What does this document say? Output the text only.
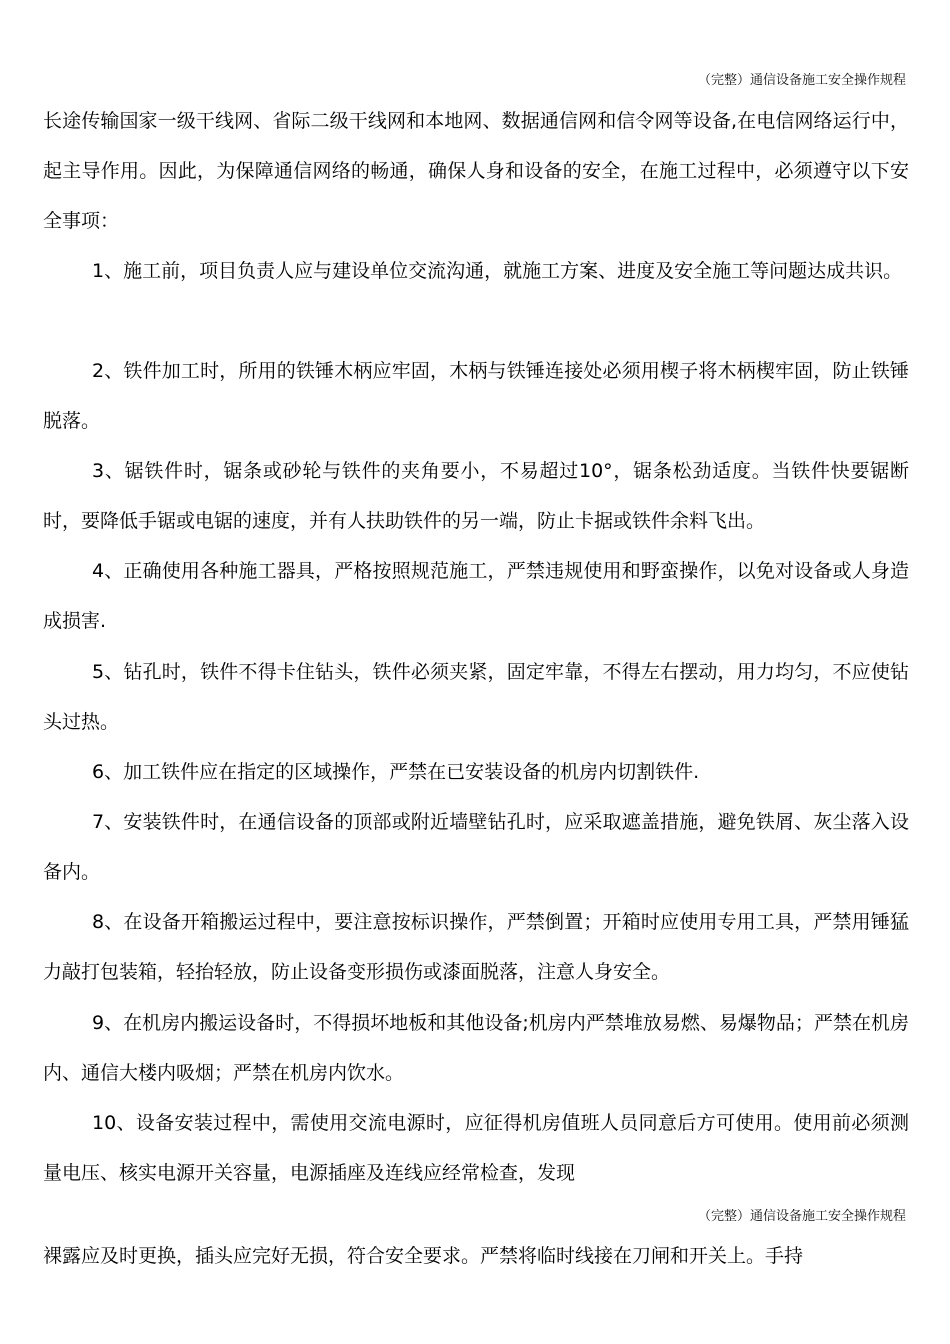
（完整）通信设备施工安全操作规程

长途传输国家一级干线网、省际二级干线网和本地网、数据通信网和信令网等设备,在电信网络运行中，起主导作用。因此，为保障通信网络的畅通，确保人身和设备的安全，在施工过程中，必须遵守以下安全事项：

1、施工前，项目负责人应与建设单位交流沟通，就施工方案、进度及安全施工等问题达成共识。

2、铁件加工时，所用的铁锤木柄应牢固，木柄与铁锤连接处必须用楔子将木柄楔牢固，防止铁锤脱落。

3、锯铁件时，锯条或砂轮与铁件的夹角要小，不易超过10°，锯条松劲适度。当铁件快要锯断时，要降低手锯或电锯的速度，并有人扶助铁件的另一端，防止卡据或铁件余料飞出。

4、正确使用各种施工器具，严格按照规范施工，严禁违规使用和野蛮操作，以免对设备或人身造成损害.

5、钻孔时，铁件不得卡住钻头，铁件必须夹紧，固定牢靠，不得左右摆动，用力均匀，不应使钻头过热。

6、加工铁件应在指定的区域操作，严禁在已安装设备的机房内切割铁件.

7、安装铁件时，在通信设备的顶部或附近墙壁钻孔时，应采取遮盖措施，避免铁屑、灰尘落入设备内。

8、在设备开箱搬运过程中，要注意按标识操作，严禁倒置；开箱时应使用专用工具，严禁用锤猛力敲打包装箱，轻抬轻放，防止设备变形损伤或漆面脱落，注意人身安全。

9、在机房内搬运设备时，不得损坏地板和其他设备;机房内严禁堆放易燃、易爆物品；严禁在机房内、通信大楼内吸烟；严禁在机房内饮水。

10、设备安装过程中，需使用交流电源时，应征得机房值班人员同意后方可使用。使用前必须测量电压、核实电源开关容量，电源插座及连线应经常检查，发现

（完整）通信设备施工安全操作规程

裸露应及时更换，插头应完好无损，符合安全要求。严禁将临时线接在刀闸和开关上。手持
